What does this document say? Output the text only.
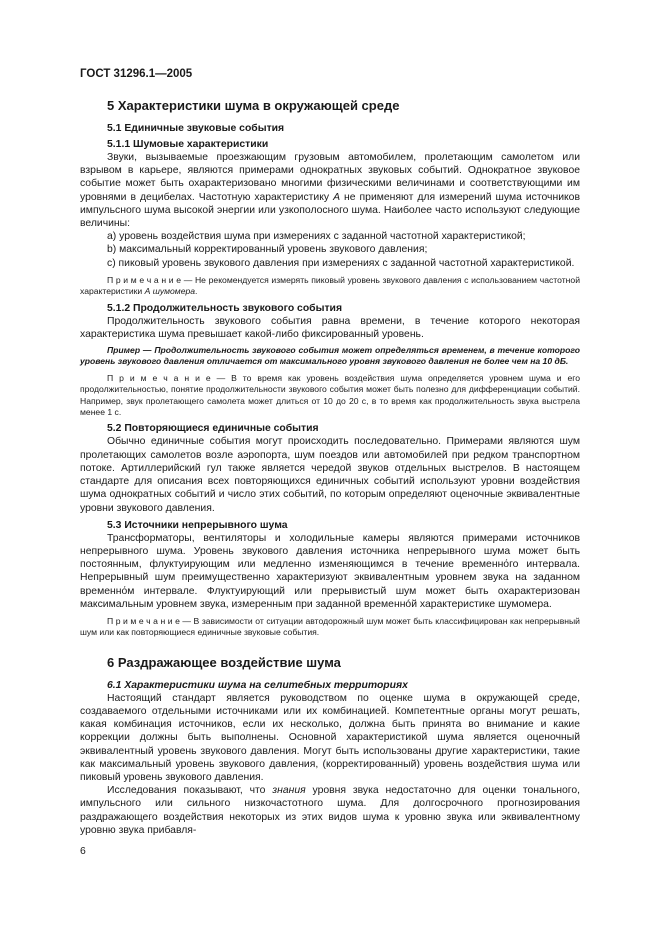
ГОСТ 31296.1—2005
5 Характеристики шума в окружающей среде
5.1 Единичные звуковые события
5.1.1 Шумовые характеристики

Звуки, вызываемые проезжающим грузовым автомобилем, пролетающим самолетом или взрывом в карьере, являются примерами однократных звуковых событий. Однократное звуковое событие может быть охарактеризовано многими физическими величинами и соответствующими им уровнями в децибелах. Частотную характеристику А не применяют для измерений шума источников импульсного шума высокой энергии или узкополосного шума. Наиболее часто используют следующие величины:

a) уровень воздействия шума при измерениях с заданной частотной характеристикой;

b) максимальный корректированный уровень звукового давления;

c) пиковый уровень звукового давления при измерениях с заданной частотной характеристикой.

П р и м е ч а н и е — Не рекомендуется измерять пиковый уровень звукового давления с использованием частотной характеристики А шумомера.

5.1.2 Продолжительность звукового события

Продолжительность звукового события равна времени, в течение которого некоторая характеристика шума превышает какой-либо фиксированный уровень.

Пример — Продолжительность звукового события может определяться временем, в течение которого уровень звукового давления отличается от максимального уровня звукового давления не более чем на 10 дБ.

П р и м е ч а н и е — В то время как уровень воздействия шума определяется уровнем шума и его продолжительностью, понятие продолжительности звукового события может быть полезно для дифференциации событий. Например, звук пролетающего самолета может длиться от 10 до 20 с, в то время как продолжительность звука выстрела менее 1 с.

5.2 Повторяющиеся единичные события

Обычно единичные события могут происходить последовательно. Примерами являются шум пролетающих самолетов возле аэропорта, шум поездов или автомобилей при редком транспортном потоке. Артиллерийский гул также является чередой звуков отдельных выстрелов. В настоящем стандарте для описания всех повторяющихся единичных событий используют уровни воздействия шума однократных событий и число этих событий, по которым определяют оценочные эквивалентные уровни звукового давления.

5.3 Источники непрерывного шума

Трансформаторы, вентиляторы и холодильные камеры являются примерами источников непрерывного шума. Уровень звукового давления источника непрерывного шума может быть постоянным, флуктуирующим или медленно изменяющимся в течение временнόго интервала. Непрерывный шум преимущественно характеризуют эквивалентным уровнем звука на заданном временнόм интервале. Флуктуирующий или прерывистый шум может быть охарактеризован максимальным уровнем звука, измеренным при заданной временнóй характеристике шумомера.

П р и м е ч а н и е — В зависимости от ситуации автодорожный шум может быть классифицирован как непрерывный шум или как повторяющиеся единичные звуковые события.

6 Раздражающее воздействие шума
6.1 Характеристики шума на селитебных территориях

Настоящий стандарт является руководством по оценке шума в окружающей среде, создаваемого отдельными источниками или их комбинацией. Компетентные органы могут решать, какая комбинация источников, если их несколько, должна быть принята во внимание и какие коррекции должны быть выполнены. Основной характеристикой шума является оценочный эквивалентный уровень звукового давления. Могут быть использованы другие характеристики, такие как максимальный уровень звукового давления, (корректированный) уровень воздействия шума или пиковый уровень звукового давления.

Исследования показывают, что знания уровня звука недостаточно для оценки тонального, импульсного или сильного низкочастотного шума. Для долгосрочного прогнозирования раздражающего воздействия некоторых из этих видов шума к уровню звука или эквивалентному уровню звука прибавля-

6
